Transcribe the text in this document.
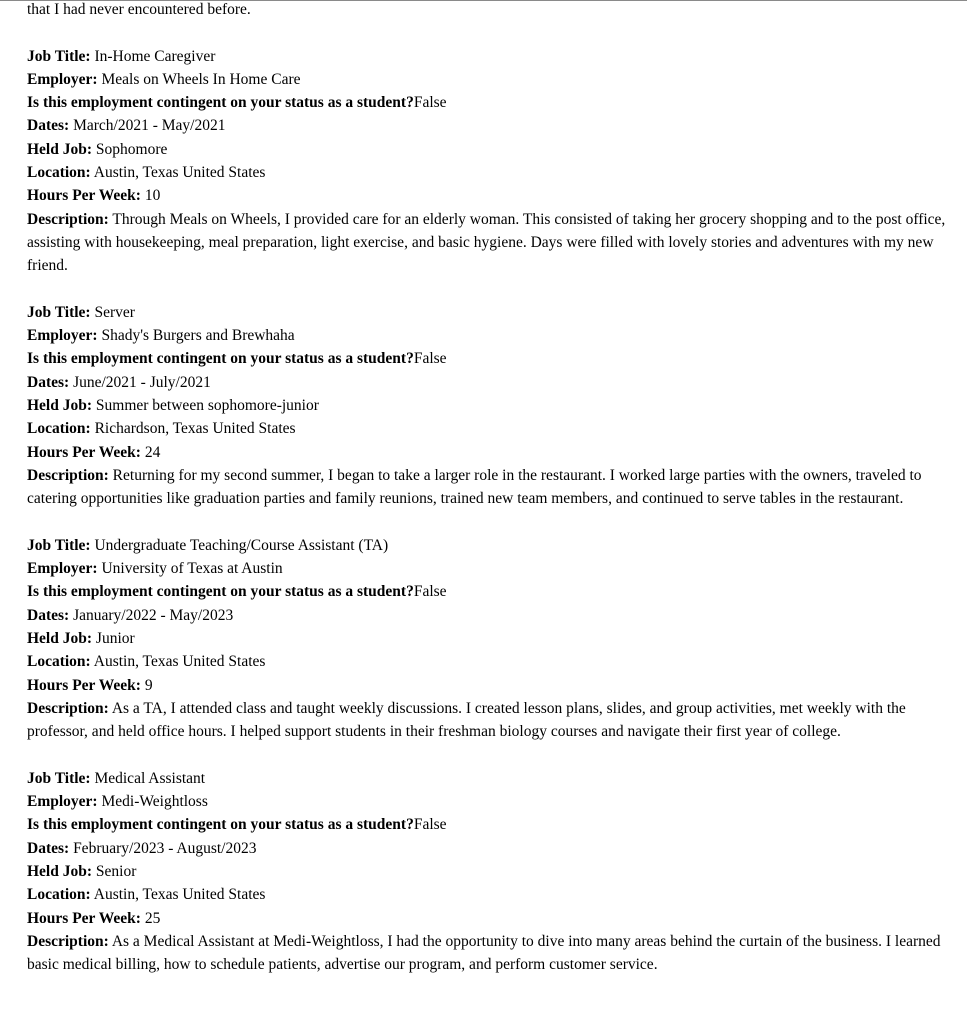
that I had never encountered before.

Job Title: In-Home Caregiver

Employer: Meals on Wheels In Home Care

Is this employment contingent on your status as a student?False

Dates: March/2021 - May/2021

Held Job: Sophomore

Location: Austin, Texas United States

Hours Per Week: 10

Description: Through Meals on Wheels, I provided care for an elderly woman. This consisted of taking her grocery shopping and to the post office, assisting with housekeeping, meal preparation, light exercise, and basic hygiene. Days were filled with lovely stories and adventures with my new friend.

Job Title: Server

Employer: Shady's Burgers and Brewhaha

Is this employment contingent on your status as a student?False

Dates: June/2021 - July/2021

Held Job: Summer between sophomore-junior

Location: Richardson, Texas United States

Hours Per Week: 24

Description: Returning for my second summer, I began to take a larger role in the restaurant. I worked large parties with the owners, traveled to catering opportunities like graduation parties and family reunions, trained new team members, and continued to serve tables in the restaurant.

Job Title: Undergraduate Teaching/Course Assistant (TA)

Employer: University of Texas at Austin

Is this employment contingent on your status as a student?False

Dates: January/2022 - May/2023

Held Job: Junior

Location: Austin, Texas United States

Hours Per Week: 9

Description: As a TA, I attended class and taught weekly discussions. I created lesson plans, slides, and group activities, met weekly with the professor, and held office hours. I helped support students in their freshman biology courses and navigate their first year of college.

Job Title: Medical Assistant

Employer: Medi-Weightloss

Is this employment contingent on your status as a student?False

Dates: February/2023 - August/2023

Held Job: Senior

Location: Austin, Texas United States

Hours Per Week: 25

Description: As a Medical Assistant at Medi-Weightloss, I had the opportunity to dive into many areas behind the curtain of the business. I learned basic medical billing, how to schedule patients, advertise our program, and perform customer service.
